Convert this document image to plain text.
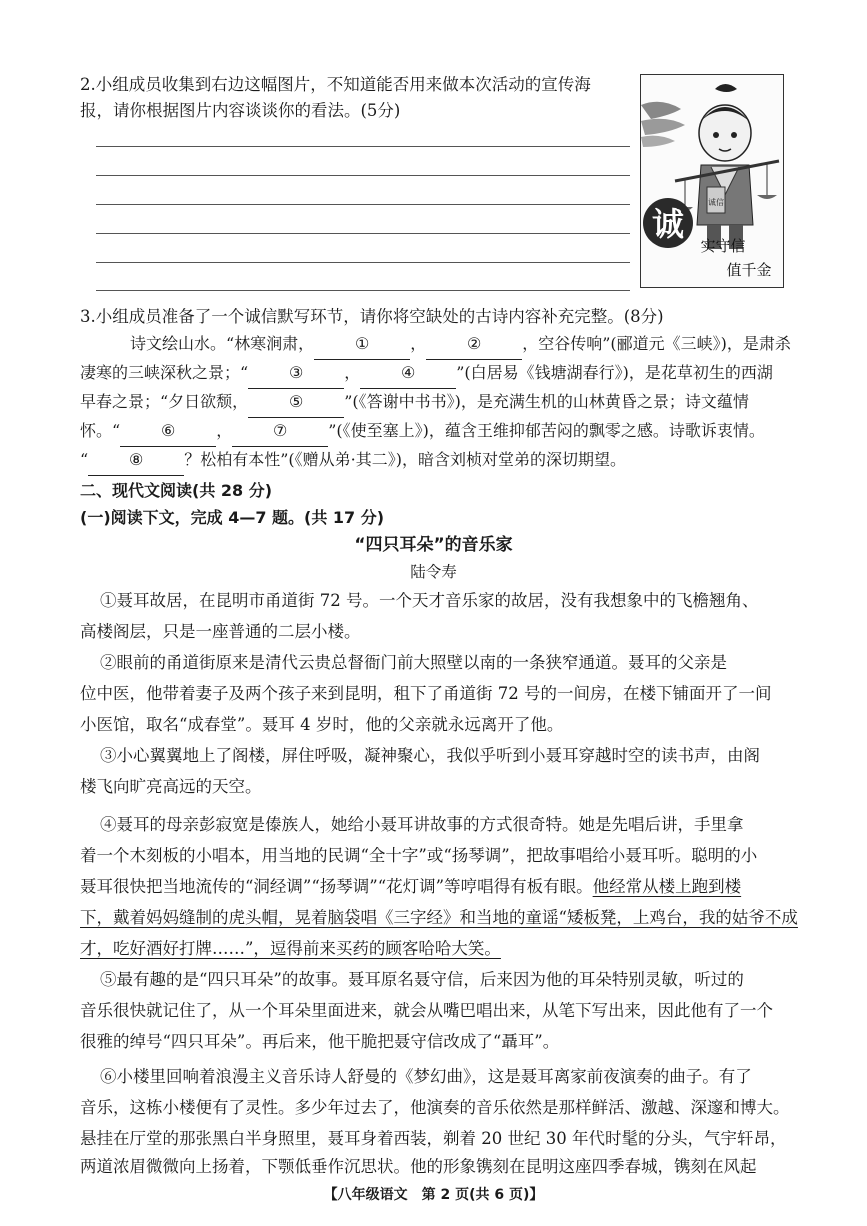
2.小组成员收集到右边这幅图片，不知道能否用来做本次活动的宣传海
报，请你根据图片内容谈谈你的看法。(5分)
诚信
诚
实守信
值千金
3.小组成员准备了一个诚信默写环节，请你将空缺处的古诗内容补充完整。(8分)
诗文绘山水。“林寒涧肃，	①	，	②	，空谷传响”(郦道元《三峡》)，是肃杀
凄寒的三峡深秋之景；“	③	，	④	”(白居易《钱塘湖春行》)，是花草初生的西湖
早春之景；“夕日欲颓，	⑤	”(《答谢中书书》)，是充满生机的山林黄昏之景；诗文蕴情
怀。“	⑥	，	⑦	”(《使至塞上》)，蕴含王维抑郁苦闷的飘零之感。诗歌诉衷情。
“	⑧	？松柏有本性”(《赠从弟·其二》)，暗含刘桢对堂弟的深切期望。
二、现代文阅读(共 28 分)
(一)阅读下文，完成 4—7 题。(共 17 分)
“四只耳朵”的音乐家
陆令寿
①聂耳故居，在昆明市甬道街 72 号。一个天才音乐家的故居，没有我想象中的飞檐翘角、
高楼阁层，只是一座普通的二层小楼。
②眼前的甬道街原来是清代云贵总督衙门前大照壁以南的一条狭窄通道。聂耳的父亲是
位中医，他带着妻子及两个孩子来到昆明，租下了甬道街 72 号的一间房，在楼下铺面开了一间
小医馆，取名“成春堂”。聂耳 4 岁时，他的父亲就永远离开了他。
③小心翼翼地上了阁楼，屏住呼吸，凝神聚心，我似乎听到小聂耳穿越时空的读书声，由阁
楼飞向旷亮高远的天空。
④聂耳的母亲彭寂宽是傣族人，她给小聂耳讲故事的方式很奇特。她是先唱后讲，手里拿
着一个木刻板的小唱本，用当地的民调“全十字”或“扬琴调”，把故事唱给小聂耳听。聪明的小
聂耳很快把当地流传的“洞经调”“扬琴调”“花灯调”等哼唱得有板有眼。他经常从楼上跑到楼
下，戴着妈妈缝制的虎头帽，晃着脑袋唱《三字经》和当地的童谣“矮板凳，上鸡台，我的姑爷不成
才，吃好酒好打牌……”，逗得前来买药的顾客哈哈大笑。
⑤最有趣的是“四只耳朵”的故事。聂耳原名聂守信，后来因为他的耳朵特别灵敏，听过的
音乐很快就记住了，从一个耳朵里面进来，就会从嘴巴唱出来，从笔下写出来，因此他有了一个
很雅的绰号“四只耳朵”。再后来，他干脆把聂守信改成了“聶耳”。
⑥小楼里回响着浪漫主义音乐诗人舒曼的《梦幻曲》，这是聂耳离家前夜演奏的曲子。有了
音乐，这栋小楼便有了灵性。多少年过去了，他演奏的音乐依然是那样鲜活、激越、深邃和博大。
悬挂在厅堂的那张黑白半身照里，聂耳身着西装，剃着 20 世纪 30 年代时髦的分头，气宇轩昂，
两道浓眉微微向上扬着，下颚低垂作沉思状。他的形象镌刻在昆明这座四季春城，镌刻在风起
【八年级语文　第 2 页(共 6 页)】
